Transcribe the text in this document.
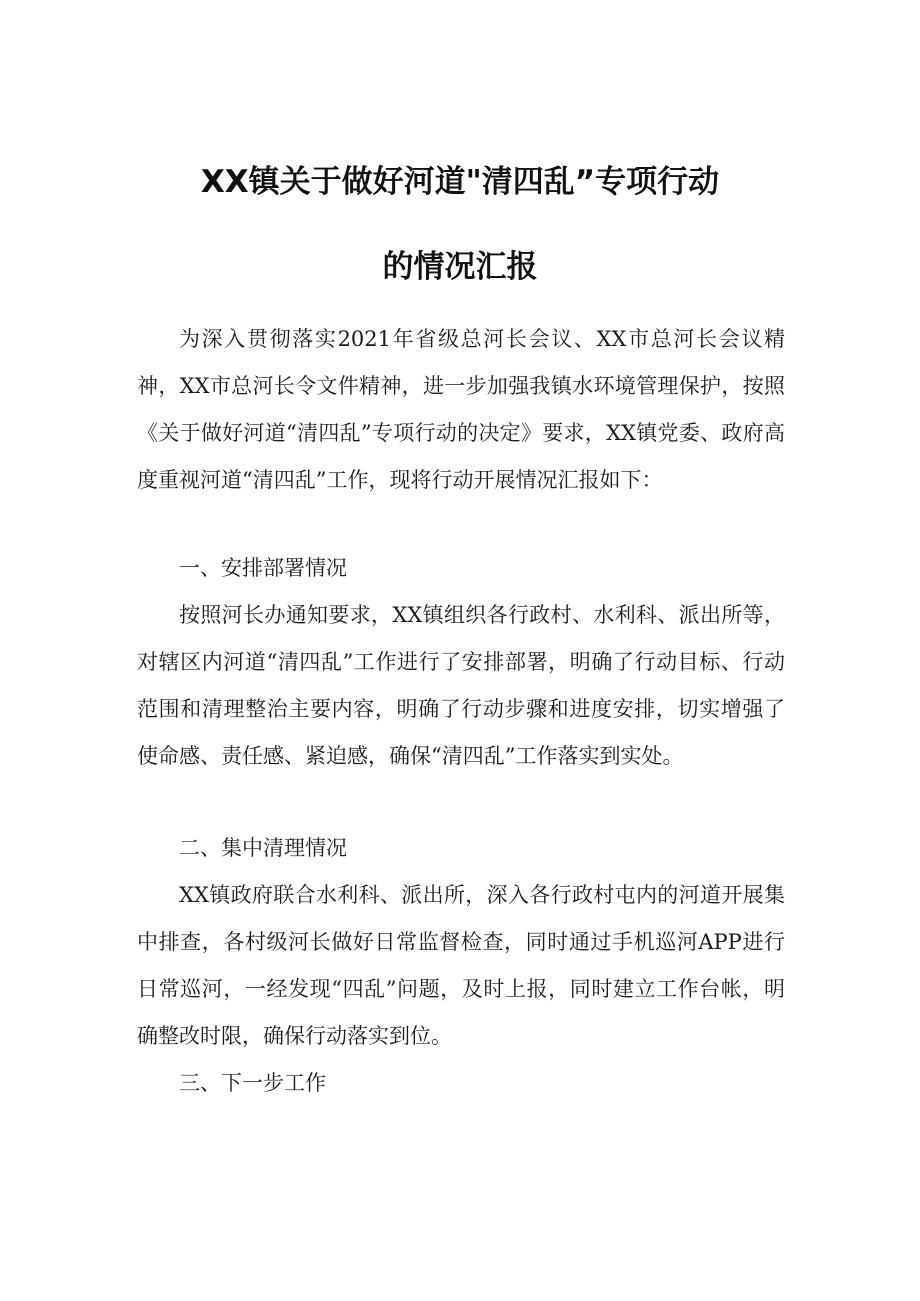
XX镇关于做好河道"清四乱”专项行动
的情况汇报

为深入贯彻落实2021年省级总河长会议、XX市总河长会议精神，XX市总河长令文件精神，进一步加强我镇水环境管理保护，按照《关于做好河道“清四乱”专项行动的决定》要求，XX镇党委、政府高度重视河道“清四乱”工作，现将行动开展情况汇报如下：

一、安排部署情况

按照河长办通知要求，XX镇组织各行政村、水利科、派出所等，对辖区内河道“清四乱”工作进行了安排部署，明确了行动目标、行动范围和清理整治主要内容，明确了行动步骤和进度安排，切实增强了使命感、责任感、紧迫感，确保“清四乱”工作落实到实处。

二、集中清理情况

XX镇政府联合水利科、派出所，深入各行政村屯内的河道开展集中排查，各村级河长做好日常监督检查，同时通过手机巡河APP进行日常巡河，一经发现“四乱”问题，及时上报，同时建立工作台帐，明确整改时限，确保行动落实到位。

三、下一步工作
